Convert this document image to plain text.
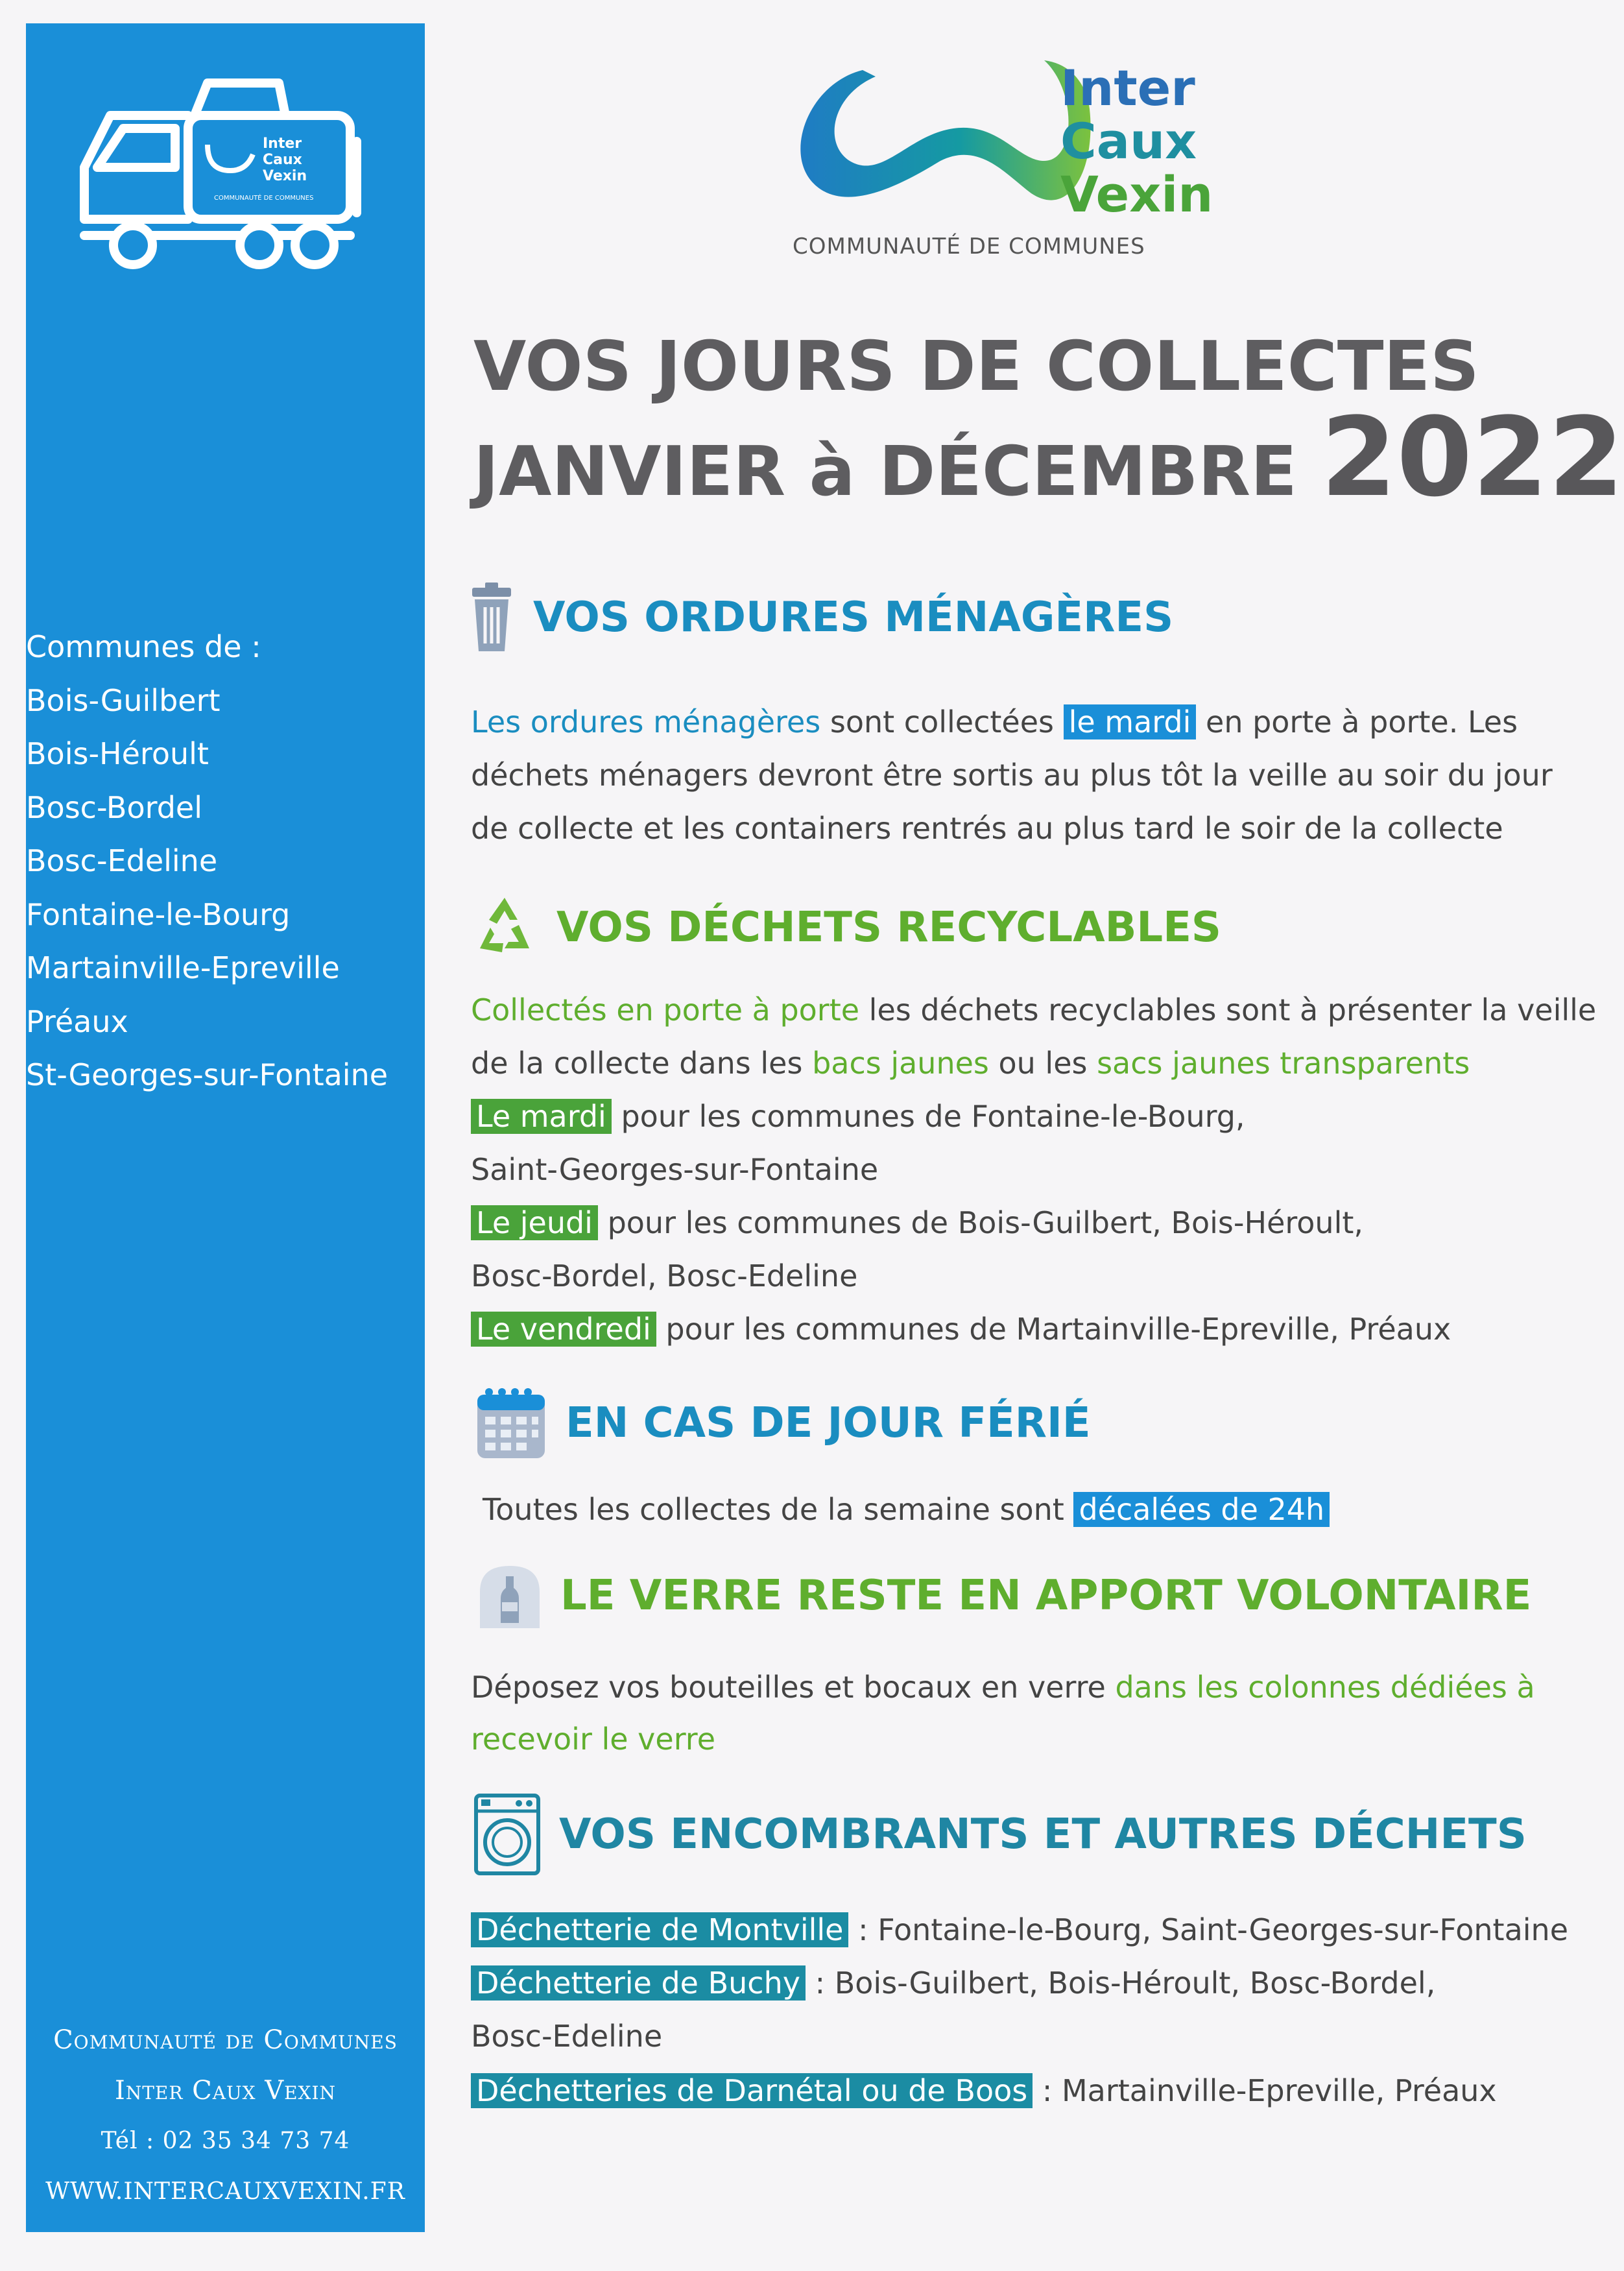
Inter
Caux
Vexin
COMMUNAUTÉ DE COMMUNES
Communes de :
Bois-Guilbert
Bois-Héroult
Bosc-Bordel
Bosc-Edeline
Fontaine-le-Bourg
Martainville-Epreville
Préaux
St-Georges-sur-Fontaine
Communauté de Communes
Inter Caux Vexin
Tél : 02 35 34 73 74
WWW.INTERCAUXVEXIN.FR
Inter
Caux
Vexin
COMMUNAUTÉ DE COMMUNES
VOS JOURS DE COLLECTES
JANVIER à DÉCEMBRE 2022
VOS ORDURES MÉNAGÈRES
Les ordures ménagères sont collectées le mardi en porte à porte. Les
déchets ménagers devront être sortis au plus tôt la veille au soir du jour
de collecte et les containers rentrés au plus tard le soir de la collecte
VOS DÉCHETS RECYCLABLES
Collectés en porte à porte les déchets recyclables sont à présenter la veille
de la collecte dans les bacs jaunes ou les sacs jaunes transparents
Le mardi pour les communes de Fontaine-le-Bourg,
Saint-Georges-sur-Fontaine
Le jeudi pour les communes de Bois-Guilbert, Bois-Héroult,
Bosc-Bordel, Bosc-Edeline
Le vendredi pour les communes de Martainville-Epreville, Préaux
EN CAS DE JOUR FÉRIÉ
Toutes les collectes de la semaine sont décalées de 24h
LE VERRE RESTE EN APPORT VOLONTAIRE
Déposez vos bouteilles et bocaux en verre dans les colonnes dédiées à
recevoir le verre
VOS ENCOMBRANTS ET AUTRES DÉCHETS
Déchetterie de Montville : Fontaine-le-Bourg, Saint-Georges-sur-Fontaine
Déchetterie de Buchy : Bois-Guilbert, Bois-Héroult, Bosc-Bordel,
Bosc-Edeline
Déchetteries de Darnétal ou de Boos : Martainville-Epreville, Préaux
